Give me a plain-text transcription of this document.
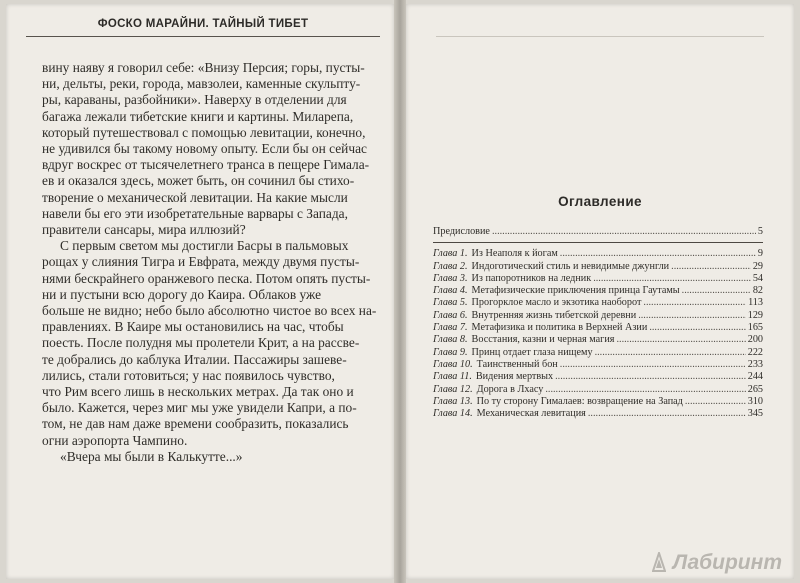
ФОСКО МАРАЙНИ. ТАЙНЫЙ ТИБЕТ
вину наяву я говорил себе: «Внизу Персия; горы, пусты-
ни, дельты, реки, города, мавзолеи, каменные скульпту-
ры, караваны, разбойники». Наверху в отделении для
багажа лежали тибетские книги и картины. Миларепа,
который путешествовал с помощью левитации, конечно,
не удивился бы такому новому опыту. Если бы он сейчас
вдруг воскрес от тысячелетнего транса в пещере Гимала-
ев и оказался здесь, может быть, он сочинил бы стихо-
творение о механической левитации. На какие мысли
навели бы его эти изобретательные варвары с Запада,
правители сансары, мира иллюзий?
С первым светом мы достигли Басры в пальмовых
рощах у слияния Тигра и Евфрата, между двумя пусты-
нями бескрайнего оранжевого песка. Потом опять пусты-
ни и пустыни всю дорогу до Каира. Облаков уже
больше не видно; небо было абсолютно чистое во всех на-
правлениях. В Каире мы остановились на час, чтобы
поесть. После полудня мы пролетели Крит, а на рассве-
те добрались до каблука Италии. Пассажиры зашеве-
лились, стали готовиться; у нас появилось чувство,
что Рим всего лишь в нескольких метрах. Да так оно и
было. Кажется, через миг мы уже увидели Капри, а по-
том, не дав нам даже времени сообразить, показались
огни аэропорта Чампино.
«Вчера мы были в Калькутте...»
Оглавление
Предисловие .....	5
Глава 1. Из Неаполя к йогам .....	9
Глава 2. Индоготический стиль и невидимые джунгли .....	29
Глава 3. Из папоротников на ледник .....	54
Глава 4. Метафизические приключения принца Гаутамы .....	82
Глава 5. Прогорклое масло и экзотика наоборот .....	113
Глава 6. Внутренняя жизнь тибетской деревни .....	129
Глава 7. Метафизика и политика в Верхней Азии .....	165
Глава 8. Восстания, казни и черная магия .....	200
Глава 9. Принц отдает глаза нищему .....	222
Глава 10. Таинственный бон .....	233
Глава 11. Видения мертвых .....	244
Глава 12. Дорога в Лхасу .....	265
Глава 13. По ту сторону Гималаев: возвращение на Запад .....	310
Глава 14. Механическая левитация .....	345
Лабиринт
